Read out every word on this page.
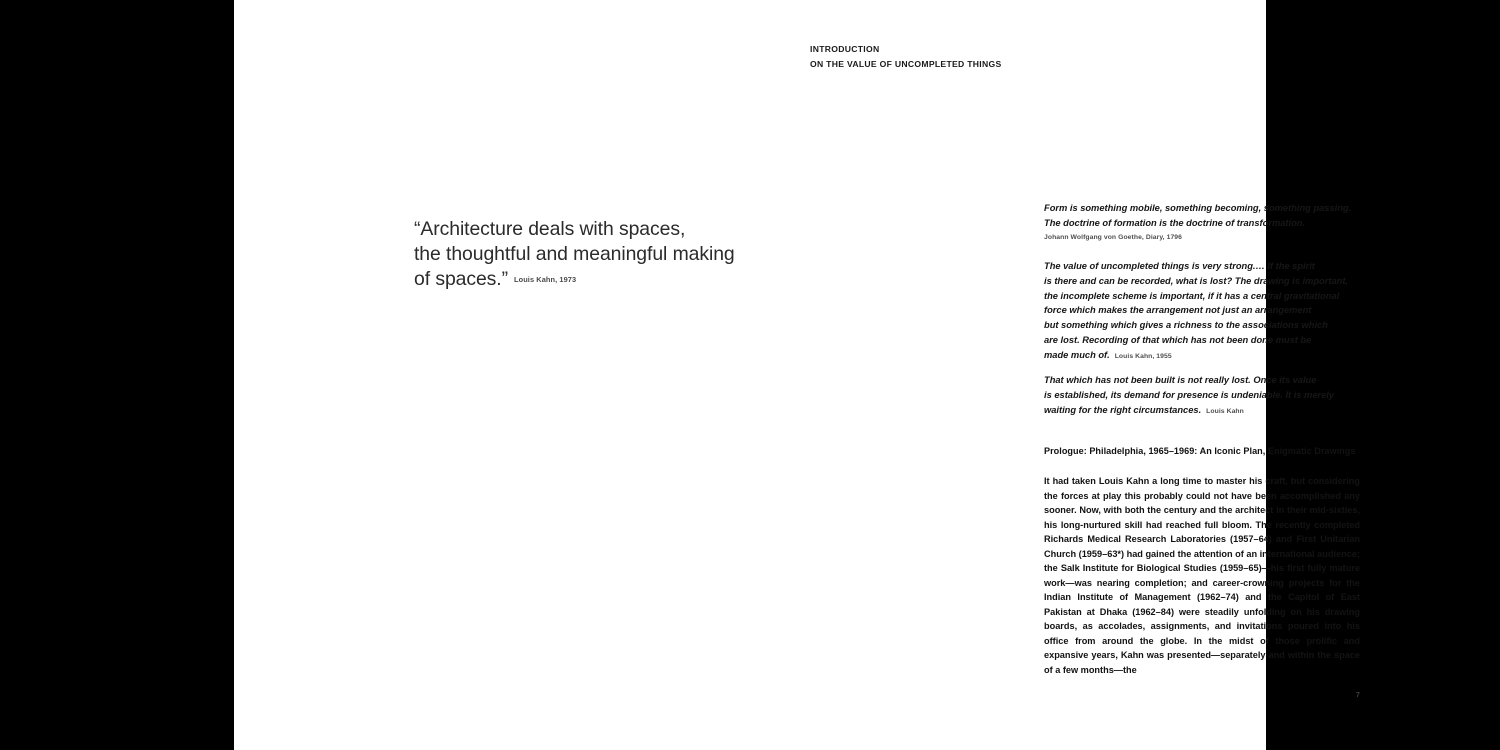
“Architecture deals with spaces,
the thoughtful and meaningful making
of spaces.” Louis Kahn, 1973
INTRODUCTION
ON THE VALUE OF UNCOMPLETED THINGS
Form is something mobile, something becoming, something passing.
The doctrine of formation is the doctrine of transformation.
Johann Wolfgang von Goethe, Diary, 1796
The value of uncompleted things is very strong.… If the spirit
is there and can be recorded, what is lost? The drawing is important,
the incomplete scheme is important, if it has a central gravitational
force which makes the arrangement not just an arrangement
but something which gives a richness to the associations which
are lost. Recording of that which has not been done must be
made much of. Louis Kahn, 1955
That which has not been built is not really lost. Once its value
is established, its demand for presence is undeniable. It is merely
waiting for the right circumstances. Louis Kahn
Prologue: Philadelphia, 1965–1969: An Iconic Plan, Enigmatic Drawings

It had taken Louis Kahn a long time to master his craft, but considering the forces at play this probably could not have been accomplished any sooner. Now, with both the century and the architect in their mid-sixties, his long-nurtured skill had reached full bloom. The recently completed Richards Medical Research Laboratories (1957–64) and First Unitarian Church (1959–63*) had gained the attention of an international audience; the Salk Institute for Biological Studies (1959–65)—his first fully mature work—was nearing completion; and career-crowning projects for the Indian Institute of Management (1962–74) and the Capitol of East Pakistan at Dhaka (1962–84) were steadily unfolding on his drawing boards, as accolades, assignments, and invitations poured into his office from around the globe. In the midst of those prolific and expansive years, Kahn was presented—separately and within the space of a few months—the

7
